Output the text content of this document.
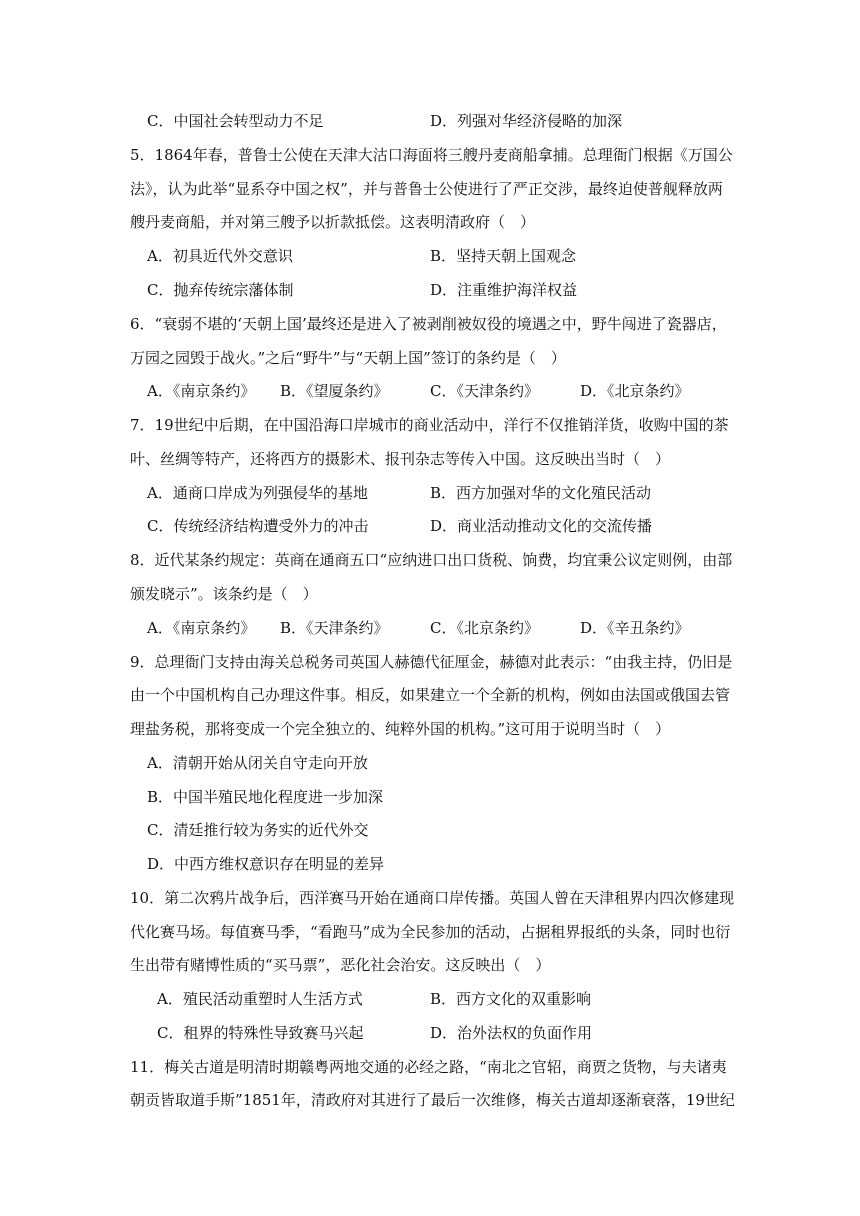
C．中国社会转型动力不足	D．列强对华经济侵略的加深
5．1864年春，普鲁士公使在天津大沽口海面将三艘丹麦商船拿捕。总理衙门根据《万国公
法》，认为此举“显系夺中国之权”，并与普鲁士公使进行了严正交涉，最终迫使普舰释放两
艘丹麦商船，并对第三艘予以折款抵偿。这表明清政府（　）
A．初具近代外交意识	B．坚持天朝上国观念
C．抛弃传统宗藩体制	D．注重维护海洋权益
6．“衰弱不堪的‘天朝上国’最终还是进入了被剥削被奴役的境遇之中，野牛闯进了瓷器店，
万园之园毁于战火。”之后“野牛”与“天朝上国”签订的条约是（　）
A．《南京条约》 B．《望厦条约》	C．《天津条约》	D．《北京条约》
7．19世纪中后期，在中国沿海口岸城市的商业活动中，洋行不仅推销洋货，收购中国的茶
叶、丝绸等特产，还将西方的摄影术、报刊杂志等传入中国。这反映出当时（　）
A．通商口岸成为列强侵华的基地	B．西方加强对华的文化殖民活动
C．传统经济结构遭受外力的冲击	D．商业活动推动文化的交流传播
8．近代某条约规定：英商在通商五口“应纳进口出口货税、饷费，均宜秉公议定则例，由部
颁发晓示”。该条约是（　）
A．《南京条约》 B．《天津条约》	C．《北京条约》	D．《辛丑条约》
9．总理衙门支持由海关总税务司英国人赫德代征厘金，赫德对此表示：“由我主持，仍旧是
由一个中国机构自己办理这件事。相反，如果建立一个全新的机构，例如由法国或俄国去管
理盐务税，那将变成一个完全独立的、纯粹外国的机构。”这可用于说明当时（　）
A．清朝开始从闭关自守走向开放
B．中国半殖民地化程度进一步加深
C．清廷推行较为务实的近代外交
D．中西方维权意识存在明显的差异
10．第二次鸦片战争后，西洋赛马开始在通商口岸传播。英国人曾在天津租界内四次修建现
代化赛马场。每值赛马季，“看跑马”成为全民参加的活动，占据租界报纸的头条，同时也衍
生出带有赌博性质的“买马票”，恶化社会治安。这反映出（　）
A．殖民活动重塑时人生活方式	B．西方文化的双重影响
C．租界的特殊性导致赛马兴起	D．治外法权的负面作用
11．梅关古道是明清时期赣粤两地交通的必经之路，“南北之官轺，商贾之货物，与夫诸夷
朝贡皆取道手斯”1851年，清政府对其进行了最后一次维修，梅关古道却逐渐衰落，19世纪
